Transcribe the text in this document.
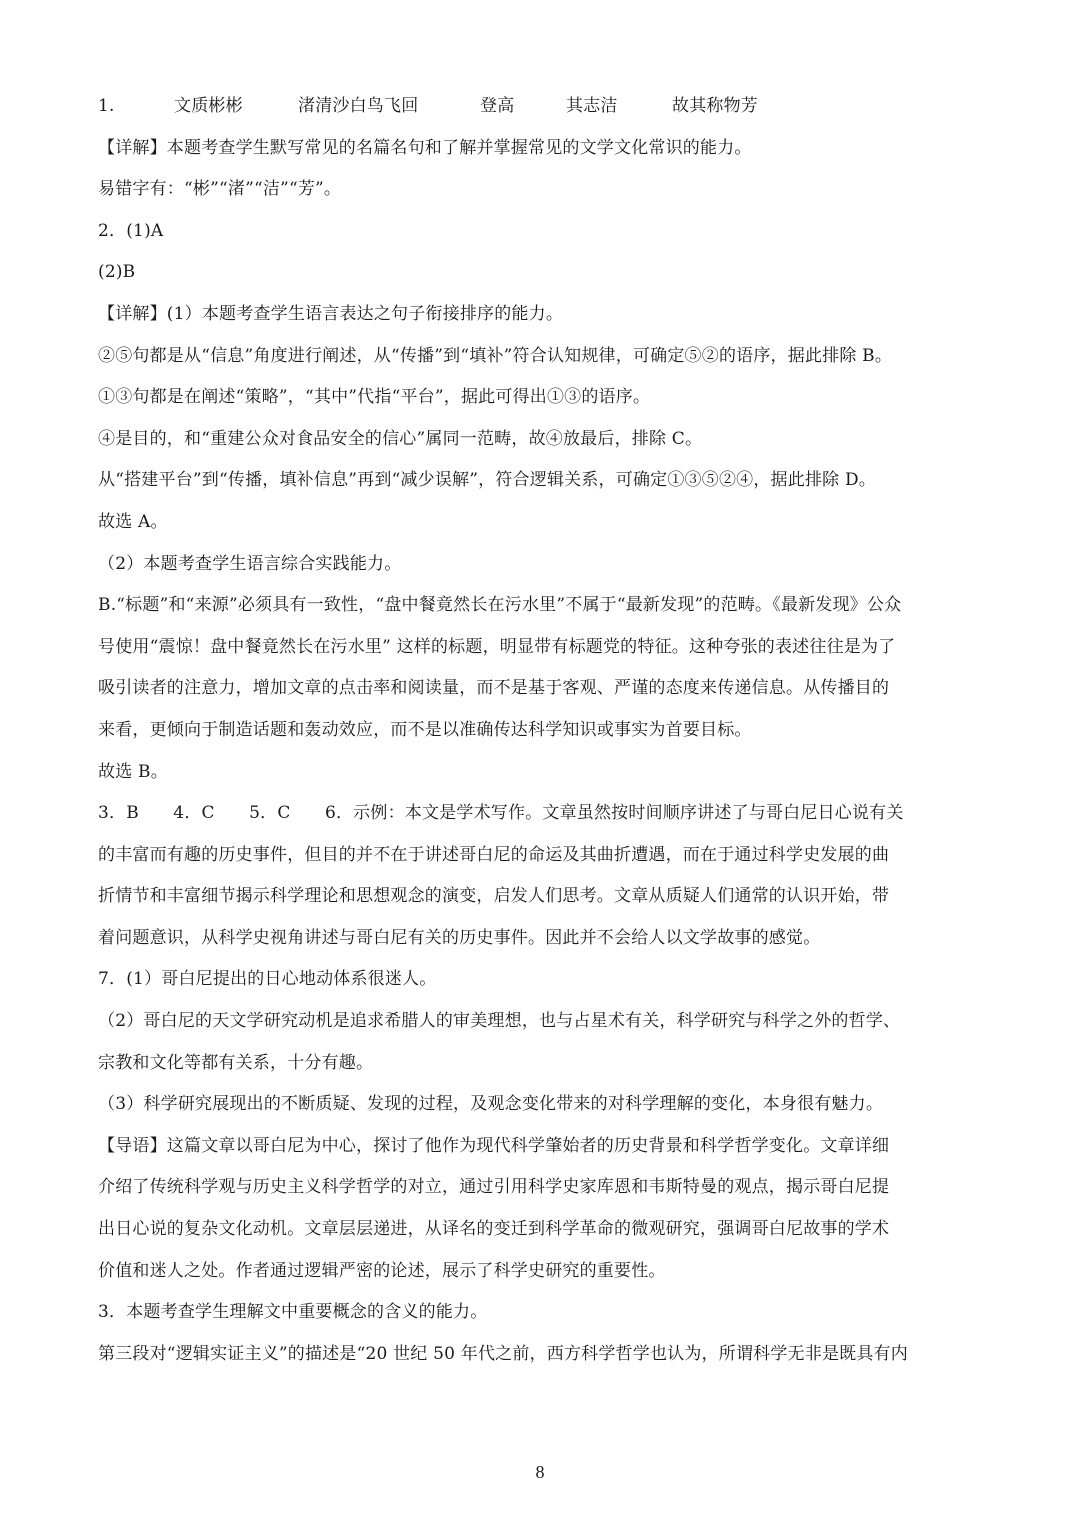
1.	文质彬彬	渚清沙白鸟飞回	登高	其志洁	故其称物芳
【详解】本题考查学生默写常见的名篇名句和了解并掌握常见的文学文化常识的能力。
易错字有：“彬”“渚”“洁”“芳”。
2．(1)A
(2)B
【详解】(1）本题考查学生语言表达之句子衔接排序的能力。
②⑤句都是从“信息”角度进行阐述，从“传播”到“填补”符合认知规律，可确定⑤②的语序，据此排除 B。
①③句都是在阐述“策略”，“其中”代指“平台”，据此可得出①③的语序。
④是目的，和“重建公众对食品安全的信心”属同一范畴，故④放最后，排除 C。
从“搭建平台”到“传播，填补信息”再到“减少误解”，符合逻辑关系，可确定①③⑤②④，据此排除 D。
故选 A。
（2）本题考查学生语言综合实践能力。
B.“标题”和“来源”必须具有一致性，“盘中餐竟然长在污水里”不属于“最新发现”的范畴。《最新发现》公众
号使用“震惊！盘中餐竟然长在污水里” 这样的标题，明显带有标题党的特征。这种夸张的表述往往是为了
吸引读者的注意力，增加文章的点击率和阅读量，而不是基于客观、严谨的态度来传递信息。从传播目的
来看，更倾向于制造话题和轰动效应，而不是以准确传达科学知识或事实为首要目标。
故选 B。
3．B　　4．C　　5．C　　6．示例：本文是学术写作。文章虽然按时间顺序讲述了与哥白尼日心说有关
的丰富而有趣的历史事件，但目的并不在于讲述哥白尼的命运及其曲折遭遇，而在于通过科学史发展的曲
折情节和丰富细节揭示科学理论和思想观念的演变，启发人们思考。文章从质疑人们通常的认识开始，带
着问题意识，从科学史视角讲述与哥白尼有关的历史事件。因此并不会给人以文学故事的感觉。
7．(1）哥白尼提出的日心地动体系很迷人。
（2）哥白尼的天文学研究动机是追求希腊人的审美理想，也与占星术有关，科学研究与科学之外的哲学、
宗教和文化等都有关系，十分有趣。
（3）科学研究展现出的不断质疑、发现的过程，及观念变化带来的对科学理解的变化，本身很有魅力。
【导语】这篇文章以哥白尼为中心，探讨了他作为现代科学肇始者的历史背景和科学哲学变化。文章详细
介绍了传统科学观与历史主义科学哲学的对立，通过引用科学史家库恩和韦斯特曼的观点，揭示哥白尼提
出日心说的复杂文化动机。文章层层递进，从译名的变迁到科学革命的微观研究，强调哥白尼故事的学术
价值和迷人之处。作者通过逻辑严密的论述，展示了科学史研究的重要性。
3．本题考查学生理解文中重要概念的含义的能力。
第三段对“逻辑实证主义”的描述是“20 世纪 50 年代之前，西方科学哲学也认为，所谓科学无非是既具有内
8
